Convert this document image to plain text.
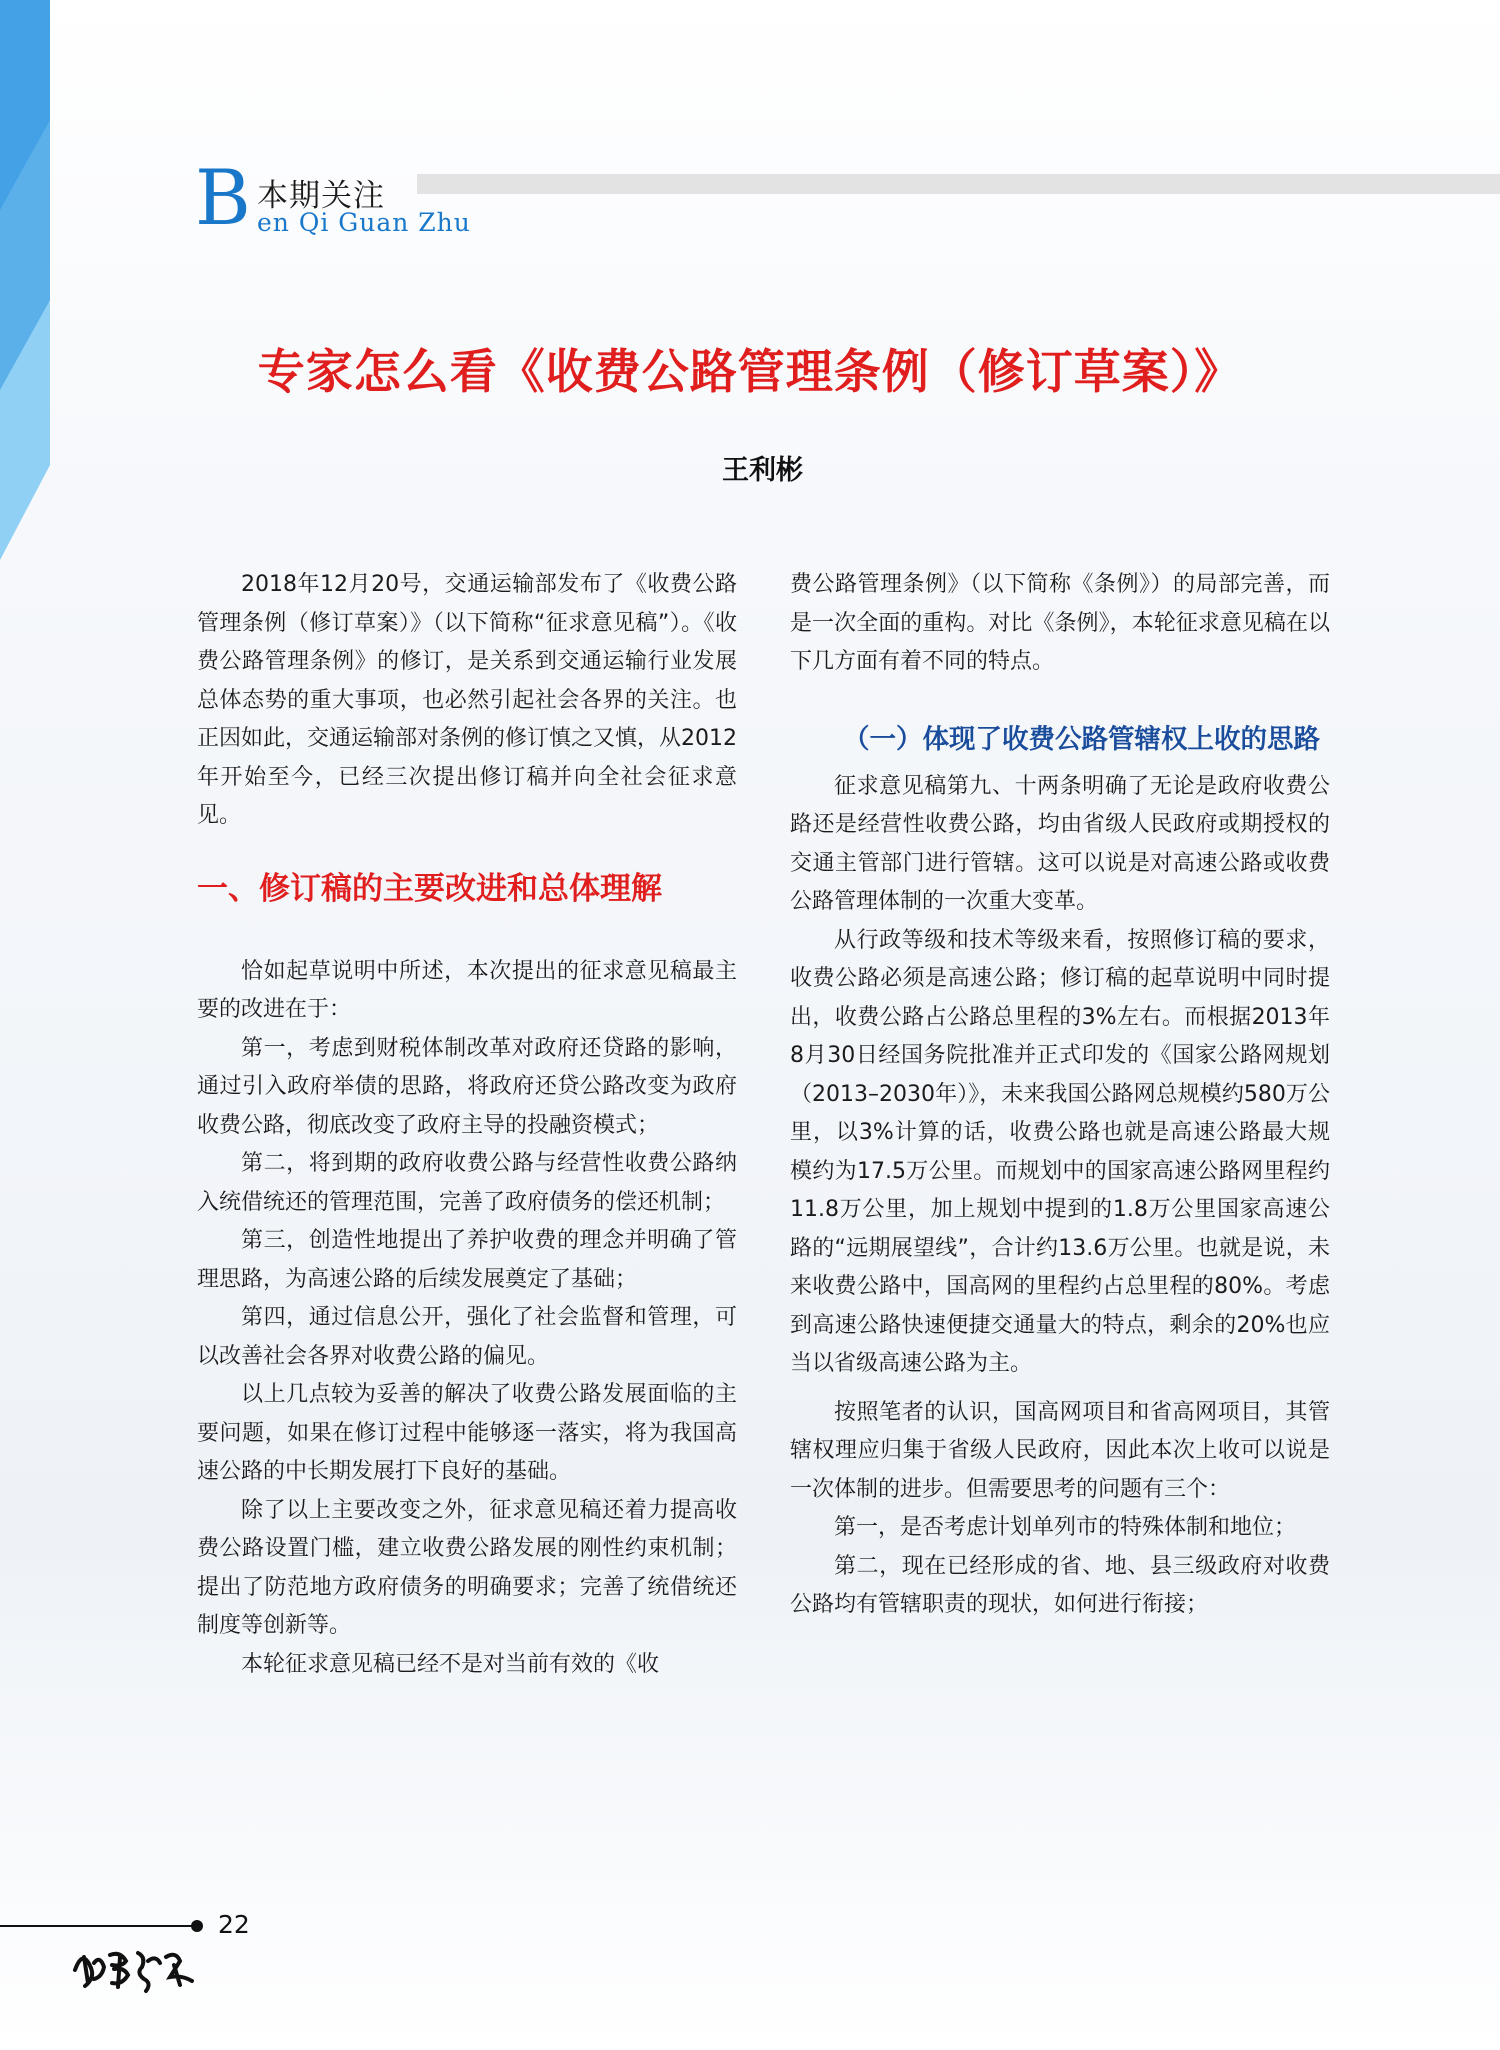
B 本期关注
en Qi Guan Zhu
专家怎么看《收费公路管理条例（修订草案）》
王利彬

2018年12月20号，交通运输部发布了《收费公路管理条例（修订草案）》（以下简称“征求意见稿”）。《收费公路管理条例》的修订，是关系到交通运输行业发展总体态势的重大事项，也必然引起社会各界的关注。也正因如此，交通运输部对条例的修订慎之又慎，从2012年开始至今，已经三次提出修订稿并向全社会征求意见。

一、修订稿的主要改进和总体理解

恰如起草说明中所述，本次提出的征求意见稿最主要的改进在于：

第一，考虑到财税体制改革对政府还贷路的影响，通过引入政府举债的思路，将政府还贷公路改变为政府收费公路，彻底改变了政府主导的投融资模式；

第二，将到期的政府收费公路与经营性收费公路纳入统借统还的管理范围，完善了政府债务的偿还机制；

第三，创造性地提出了养护收费的理念并明确了管理思路，为高速公路的后续发展奠定了基础；

第四，通过信息公开，强化了社会监督和管理，可以改善社会各界对收费公路的偏见。

以上几点较为妥善的解决了收费公路发展面临的主要问题，如果在修订过程中能够逐一落实，将为我国高速公路的中长期发展打下良好的基础。

除了以上主要改变之外，征求意见稿还着力提高收费公路设置门槛，建立收费公路发展的刚性约束机制；提出了防范地方政府债务的明确要求；完善了统借统还制度等创新等。

本轮征求意见稿已经不是对当前有效的《收

费公路管理条例》（以下简称《条例》）的局部完善，而是一次全面的重构。对比《条例》，本轮征求意见稿在以下几方面有着不同的特点。

（一）体现了收费公路管辖权上收的思路

征求意见稿第九、十两条明确了无论是政府收费公路还是经营性收费公路，均由省级人民政府或期授权的交通主管部门进行管辖。这可以说是对高速公路或收费公路管理体制的一次重大变革。

从行政等级和技术等级来看，按照修订稿的要求，收费公路必须是高速公路；修订稿的起草说明中同时提出，收费公路占公路总里程的3%左右。而根据2013年8月30日经国务院批准并正式印发的《国家公路网规划（2013–2030年）》，未来我国公路网总规模约580万公里，以3%计算的话，收费公路也就是高速公路最大规模约为17.5万公里。而规划中的国家高速公路网里程约11.8万公里，加上规划中提到的1.8万公里国家高速公路的“远期展望线”，合计约13.6万公里。也就是说，未来收费公路中，国高网的里程约占总里程的80%。考虑到高速公路快速便捷交通量大的特点，剩余的20%也应当以省级高速公路为主。

按照笔者的认识，国高网项目和省高网项目，其管辖权理应归集于省级人民政府，因此本次上收可以说是一次体制的进步。但需要思考的问题有三个：

第一，是否考虑计划单列市的特殊体制和地位；

第二，现在已经形成的省、地、县三级政府对收费公路均有管辖职责的现状，如何进行衔接；

22
